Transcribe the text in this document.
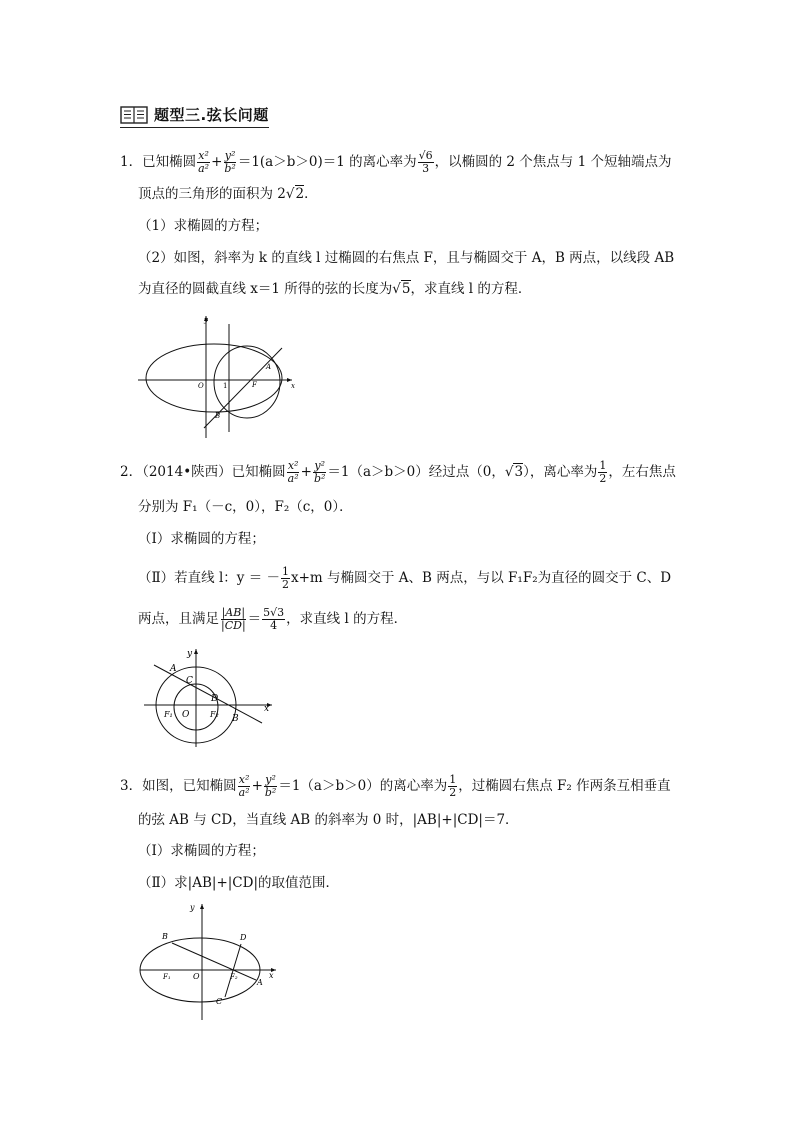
题型三.弦长问题
1．已知椭圆 $\frac{\text{x²}}{\text{a²}} + \frac{\text{y²}}{\text{b²}} =1(a>b>0)=1$ 的离心率为 $\frac{√6}{3}$ ，以椭圆的 2 个焦点与 1 个短轴端点为
顶点的三角形的面积为 2√2．
（1）求椭圆的方程；
（2）如图，斜率为 k 的直线 l 过椭圆的右焦点 F，且与椭圆交于 A，B 两点，以线段 AB
为直径的圆截直线 x＝1 所得的弦的长度为√5，求直线 l 的方程．
y
x
O	1	F
A
B
2．（2014•陕西）已知椭圆 $\frac{\text{x²}}{\text{a²}} + \frac{\text{y²}}{\text{b²}} =1(a>b>0)$经过点（0，√3），离心率为 $\frac{1}{2}$ ，左右焦点
分别为 F₁（－c，0），F₂（c，0）．
（Ⅰ）求椭圆的方程；
（Ⅱ）若直线 l：y ＝ － $\frac{1}{2} x+m$ 与椭圆交于 A、B 两点，与以 F₁F₂为直径的圆交于 C、D
两点，且满足 $\frac{|AB|}{|CD|} = \frac{5√3}{4}$ ，求直线 l 的方程．
y
x
O
A
C
D
B
F₁	F₂
3．如图，已知椭圆 $\frac{\text{x²}}{\text{a²}} + \frac{\text{y²}}{\text{b²}} =1(a>b>0)$的离心率为 $\frac{1}{2}$ ，过椭圆右焦点 F₂ 作两条互相垂直
的弦 AB 与 CD，当直线 AB 的斜率为 0 时，|AB|+|CD|＝7．
（Ⅰ）求椭圆的方程；
（Ⅱ）求|AB|+|CD|的取值范围．
y
x
O
B	D
A
C
F₁	F₂
